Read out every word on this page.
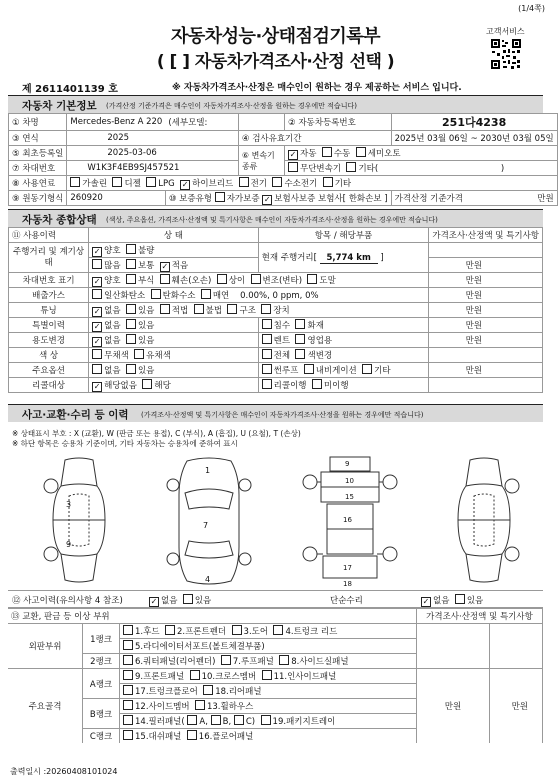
(1/4쪽)
자동차성능·상태점검기록부
( [ ] 자동차가격조사·산정 선택 )
고객서비스
제 2611401139 호	※ 자동차가격조사·산정은 매수인이 원하는 경우 제공하는 서비스 입니다.
자동차 기본정보 (가격산정 기준가격은 매수인이 자동차가격조사·산정을 원하는 경우에만 적습니다)
① 차명	Mercedes-Benz A 220	(세부모델:		② 자동차등록번호	251다4238
③ 연식	2025		④ 검사유효기간		2025년 03월 06일 ~ 2030년 03월 05일
⑤ 최초등록일	2025-03-06		⑥ 변속기 종류	✓자동 수동 세미오토
⑦ 차대번호	W1K3F4EB9SJ457521			무단변속기 기타( )	
⑧ 사용연료	가솔린 디젤 LPG ✓ 하이브리드 전기 수소전기 기타
⑨ 원동기형식	260920	⑩ 보증유형 자가보증 ✓ 보험사보증 보험사[ 한화손보 ]			가격산정 기준가격 만원
자동차 종합상태 (색상, 주요옵션, 가격조사·산정액 및 특기사항은 매수인이 자동차가격조사·산정을 원하는 경우에만 적습니다)
⑪ 사용이력	상 태	항목 / 해당부품	가격조사·산정액 및 특기사항
주행거리 및 계기상태	✓양호 불량	현재 주행거리[ 5,774 km ]	
	많음 보통 ✓ 적음		만원
차대번호 표기	✓양호 부식 훼손(오손) 상이 변조(변타) 도말		만원
배출가스	일산화탄소 탄화수소 매연 0.00%, 0 ppm, 0%		만원
튜닝	✓없음 있음 적법 불법 구조 장치		만원
특별이력	✓없음 있음	침수 화재	만원
용도변경	✓없음 있음	렌트 영업용	만원
색 상	무채색 유채색	전체 색변경	
주요옵션	없음 있음	썬루프 내비게이션 기타	만원
리콜대상	✓해당없음 해당	리콜이행 미이행	
사고·교환·수리 등 이력 (가격조사·산정액 및 특기사항은 매수인이 자동차가격조사·산정을 원하는 경우에만 적습니다)
※ 상태표시 부호 : X (교환), W (판금 또는 용접), C (부식), A (흠집), U (요철), T (손상)
※ 하단 항목은 승용차 기준이며, 기타 자동차는 승용차에 준하여 표시
3
9
1
4
7
9
10
15
16
17
18
⑫ 사고이력(유의사항 4 참조) ✓	없음 있음	단순수리 ✓	없음 있음
⑬ 교환, 판금 등 이상 부위			가격조사·산정액 및 특기사항	
외판부위	1랭크	1.후드 2.프론트펜더 3.도어 4.트렁크 리드		
		5.라디에이터서포트(볼트체결부품)		
	2랭크	6.쿼터패널(리어펜더) 7.루프패널 8.사이드실패널		
주요골격	A랭크	9.프론트패널 10.크로스멤버 11.인사이드패널	만원	만원
		17.트렁크플로어 18.리어패널		
	B랭크	12.사이드멤버 13.휠하우스		
		14.필러패널( A, B, C) 19.패키지트레이		
	C랭크	15.대쉬패널 16.플로어패널		
출력일시 :20260408101024
